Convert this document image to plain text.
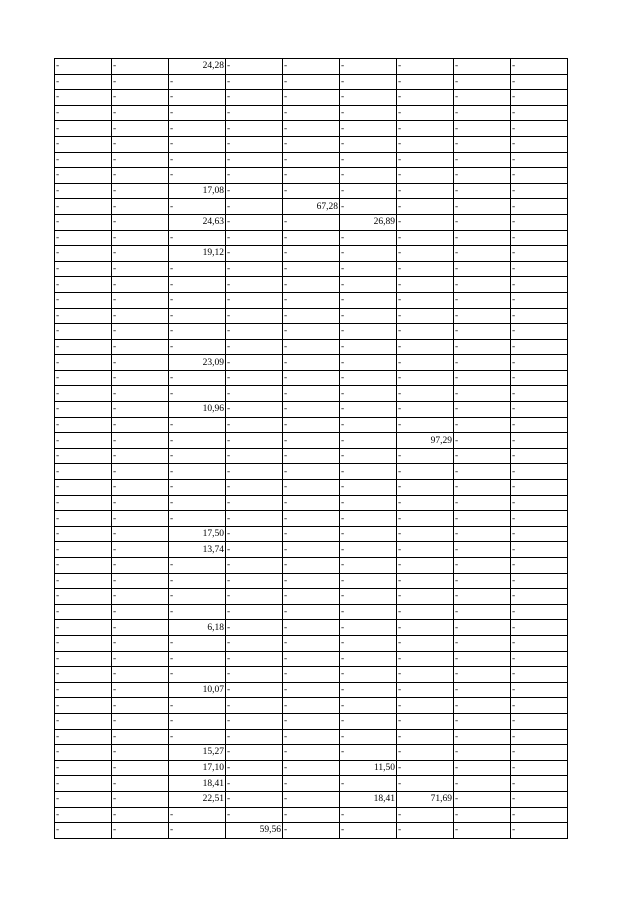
-	-	24,28	-	-	-	-	-	-
-	-	-	-	-	-	-	-	-
-	-	-	-	-	-	-	-	-
-	-	-	-	-	-	-	-	-
-	-	-	-	-	-	-	-	-
-	-	-	-	-	-	-	-	-
-	-	-	-	-	-	-	-	-
-	-	-	-	-	-	-	-	-
-	-	17,08	-	-	-	-	-	-
-	-	-	-	67,28	-	-	-	-
-	-	24,63	-	-	26,89	-	-	-
-	-	-	-	-	-	-	-	-
-	-	19,12	-	-	-	-	-	-
-	-	-	-	-	-	-	-	-
-	-	-	-	-	-	-	-	-
-	-	-	-	-	-	-	-	-
-	-	-	-	-	-	-	-	-
-	-	-	-	-	-	-	-	-
-	-	-	-	-	-	-	-	-
-	-	23,09	-	-	-	-	-	-
-	-	-	-	-	-	-	-	-
-	-	-	-	-	-	-	-	-
-	-	10,96	-	-	-	-	-	-
-	-	-	-	-	-	-	-	-
-	-	-	-	-	-	97,29	-	-
-	-	-	-	-	-	-	-	-
-	-	-	-	-	-	-	-	-
-	-	-	-	-	-	-	-	-
-	-	-	-	-	-	-	-	-
-	-	-	-	-	-	-	-	-
-	-	17,50	-	-	-	-	-	-
-	-	13,74	-	-	-	-	-	-
-	-	-	-	-	-	-	-	-
-	-	-	-	-	-	-	-	-
-	-	-	-	-	-	-	-	-
-	-	-	-	-	-	-	-	-
-	-	6,18	-	-	-	-	-	-
-	-	-	-	-	-	-	-	-
-	-	-	-	-	-	-	-	-
-	-	-	-	-	-	-	-	-
-	-	10,07	-	-	-	-	-	-
-	-	-	-	-	-	-	-	-
-	-	-	-	-	-	-	-	-
-	-	-	-	-	-	-	-	-
-	-	15,27	-	-	-	-	-	-
-	-	17,10	-	-	11,50	-	-	-
-	-	18,41	-	-	-	-	-	-
-	-	22,51	-	-	18,41	71,69	-	-
-	-	-	-	-	-	-	-	-
-	-	-	59,56	-	-	-	-	-
